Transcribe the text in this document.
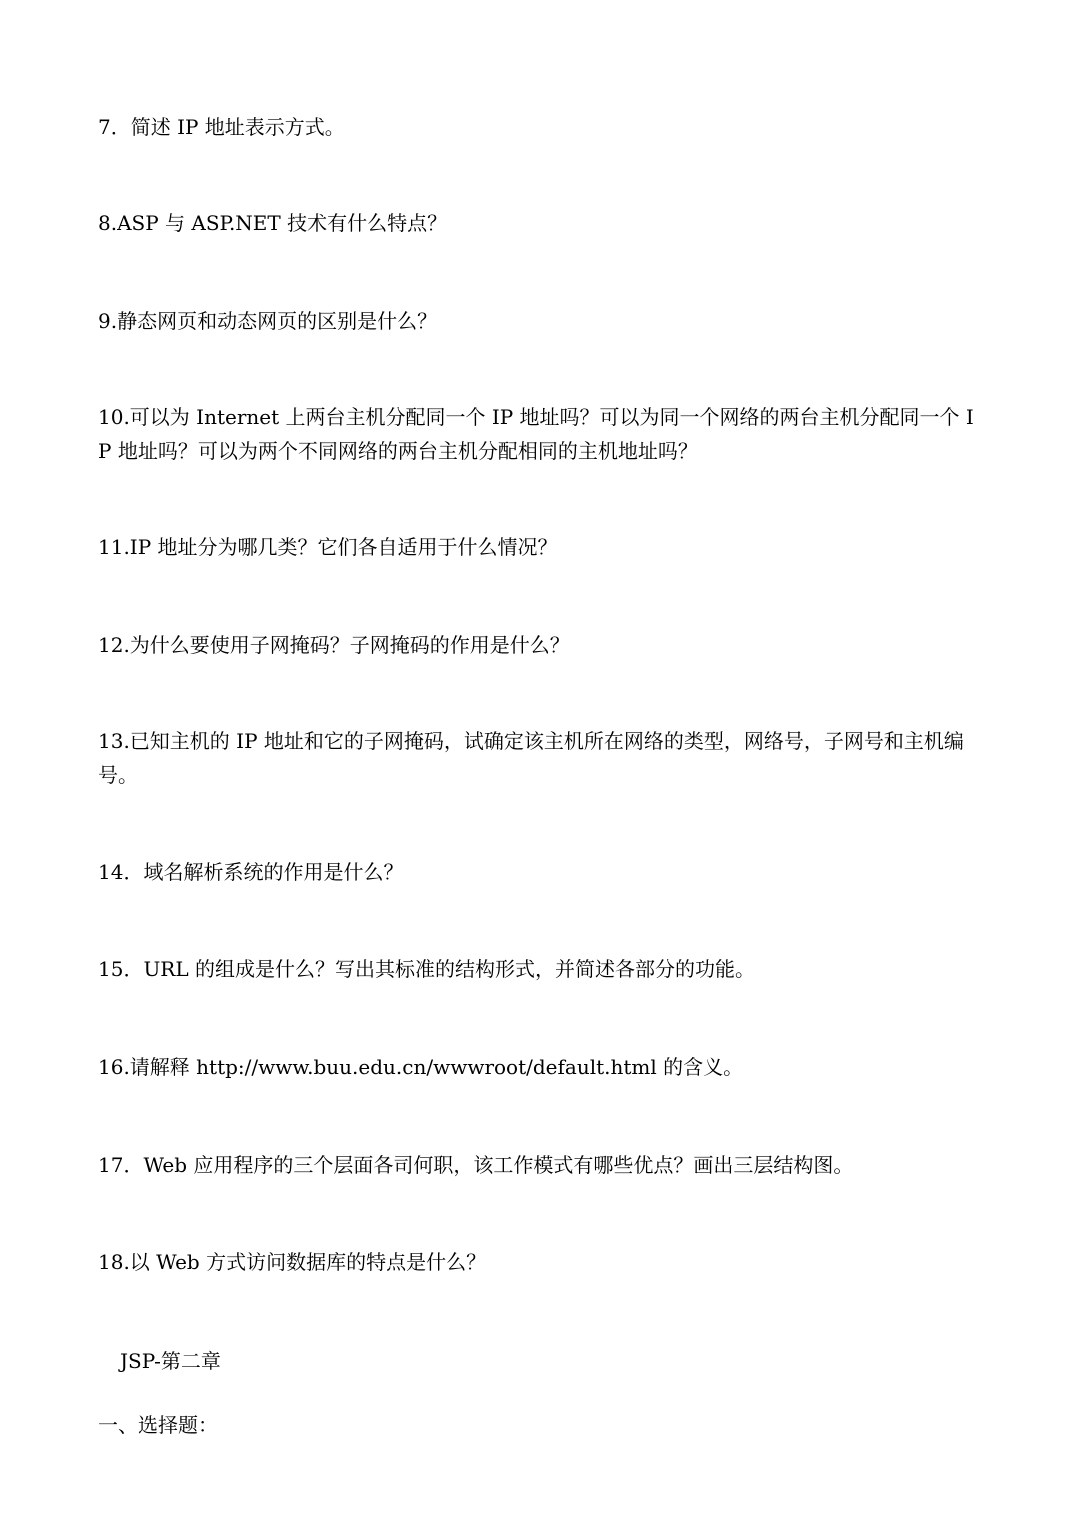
7．简述 IP 地址表示方式。
8.ASP 与 ASP.NET 技术有什么特点？
9.静态网页和动态网页的区别是什么？
10.可以为 Internet 上两台主机分配同一个 IP 地址吗？可以为同一个网络的两台主机分配同一个 IP 地址吗？可以为两个不同网络的两台主机分配相同的主机地址吗？
11.IP 地址分为哪几类？它们各自适用于什么情况？
12.为什么要使用子网掩码？子网掩码的作用是什么？
13.已知主机的 IP 地址和它的子网掩码，试确定该主机所在网络的类型，网络号，子网号和主机编号。
14．域名解析系统的作用是什么？
15．URL 的组成是什么？写出其标准的结构形式，并简述各部分的功能。
16.请解释 http://www.buu.edu.cn/wwwroot/default.html 的含义。
17．Web 应用程序的三个层面各司何职，该工作模式有哪些优点？画出三层结构图。
18.以 Web 方式访问数据库的特点是什么？
JSP-第二章
一、选择题：
